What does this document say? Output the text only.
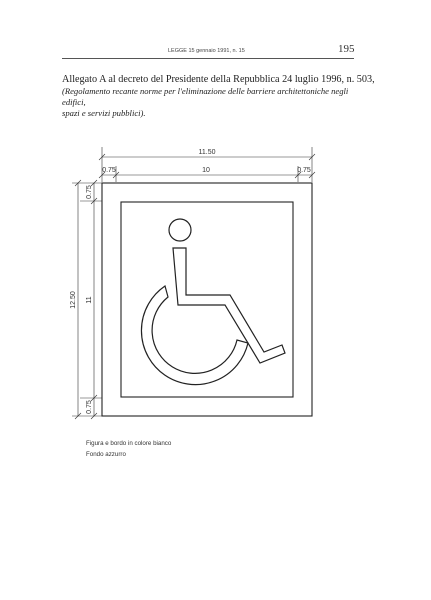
LEGGE 15 gennaio 1991, n. 15	195
Allegato A al decreto del Presidente della Repubblica 24 luglio 1996, n. 503,
(Regolamento recante norme per l'eliminazione delle barriere architettoniche negli edifici,
spazi e servizi pubblici).
11.50
0.75	10	0.75
12.50 11
0.75
0.75
Figura e bordo in colore bianco
Fondo azzurro
